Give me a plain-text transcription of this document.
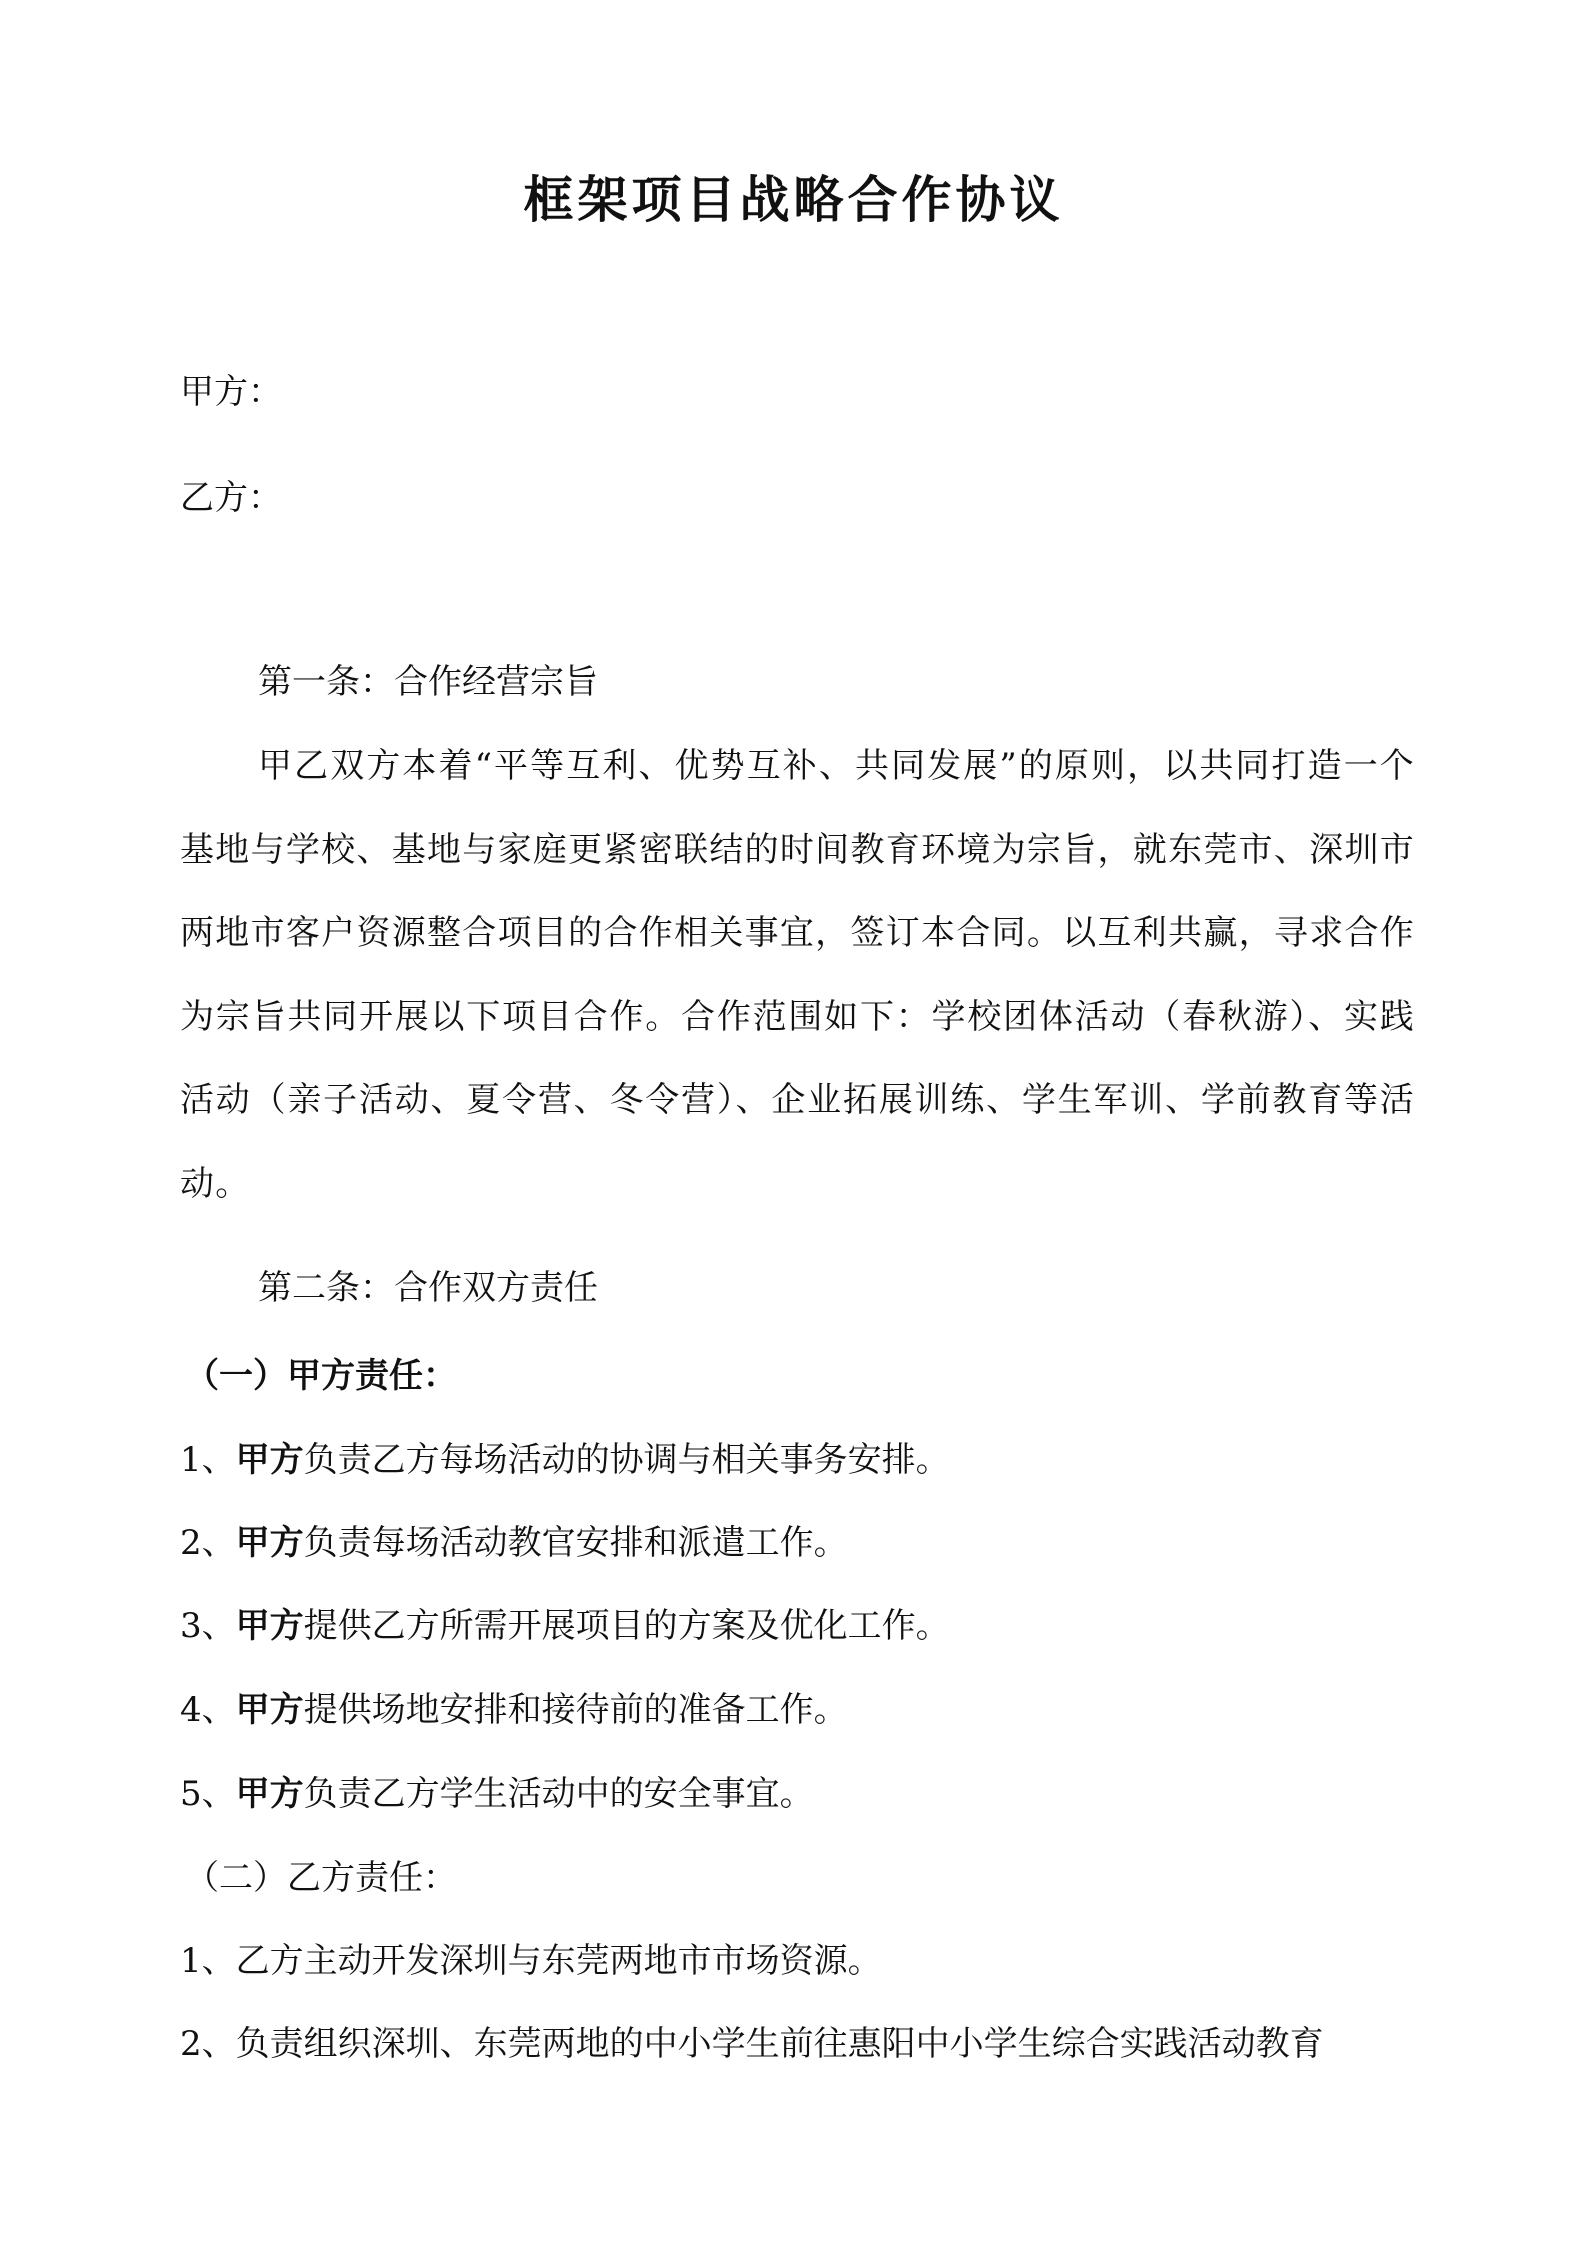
框架项目战略合作协议
甲方：
乙方：
第一条：合作经营宗旨
甲乙双方本着“平等互利、优势互补、共同发展”的原则，以共同打造一个基地与学校、基地与家庭更紧密联结的时间教育环境为宗旨，就东莞市、深圳市两地市客户资源整合项目的合作相关事宜，签订本合同。以互利共赢，寻求合作为宗旨共同开展以下项目合作。合作范围如下：学校团体活动（春秋游）、实践活动（亲子活动、夏令营、冬令营）、企业拓展训练、学生军训、学前教育等活动。
第二条：合作双方责任
（一）甲方责任：
1、甲方负责乙方每场活动的协调与相关事务安排。
2、甲方负责每场活动教官安排和派遣工作。
3、甲方提供乙方所需开展项目的方案及优化工作。
4、甲方提供场地安排和接待前的准备工作。
5、甲方负责乙方学生活动中的安全事宜。
（二）乙方责任：
1、乙方主动开发深圳与东莞两地市市场资源。
2、负责组织深圳、东莞两地的中小学生前往惠阳中小学生综合实践活动教育
